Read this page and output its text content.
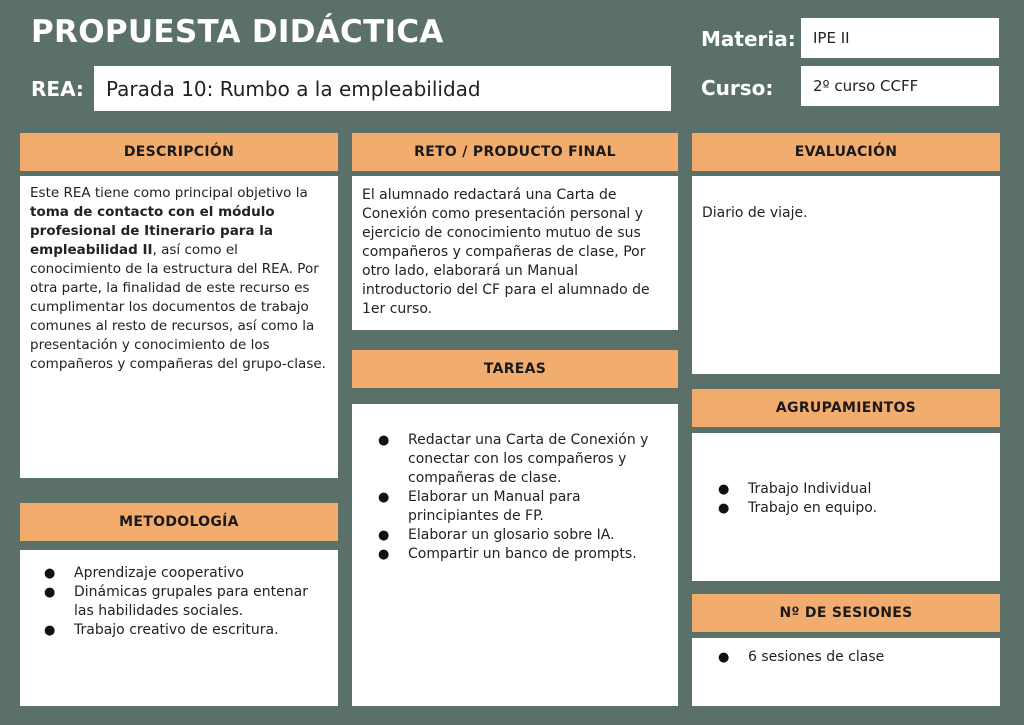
PROPUESTA DIDÁCTICA
REA: Parada 10: Rumbo a la empleabilidad
Materia: IPE II
Curso:	2º curso CCFF
DESCRIPCIÓN

Este REA tiene como principal objetivo la toma de contacto con el módulo profesional de Itinerario para la empleabilidad II, así como el conocimiento de la estructura del REA. Por otra parte, la finalidad de este recurso es cumplimentar los documentos de trabajo comunes al resto de recursos, así como la presentación y conocimiento de los compañeros y compañeras del grupo-clase.

METODOLOGÍA
● Aprendizaje cooperativo
● Dinámicas grupales para entenar las habilidades sociales.
● Trabajo creativo de escritura.
RETO / PRODUCTO FINAL

El alumnado redactará una Carta de Conexión como presentación personal y ejercicio de conocimiento mutuo de sus compañeros y compañeras de clase, Por otro lado, elaborará un Manual introductorio del CF para el alumnado de 1er curso.

TAREAS
● Redactar una Carta de Conexión y conectar con los compañeros y compañeras de clase.
● Elaborar un Manual para principiantes de FP.
● Elaborar un glosario sobre IA.
● Compartir un banco de prompts.
EVALUACIÓN

Diario de viaje.

AGRUPAMIENTOS
● Trabajo Individual
● Trabajo en equipo.
Nº DE SESIONES
● 6 sesiones de clase
